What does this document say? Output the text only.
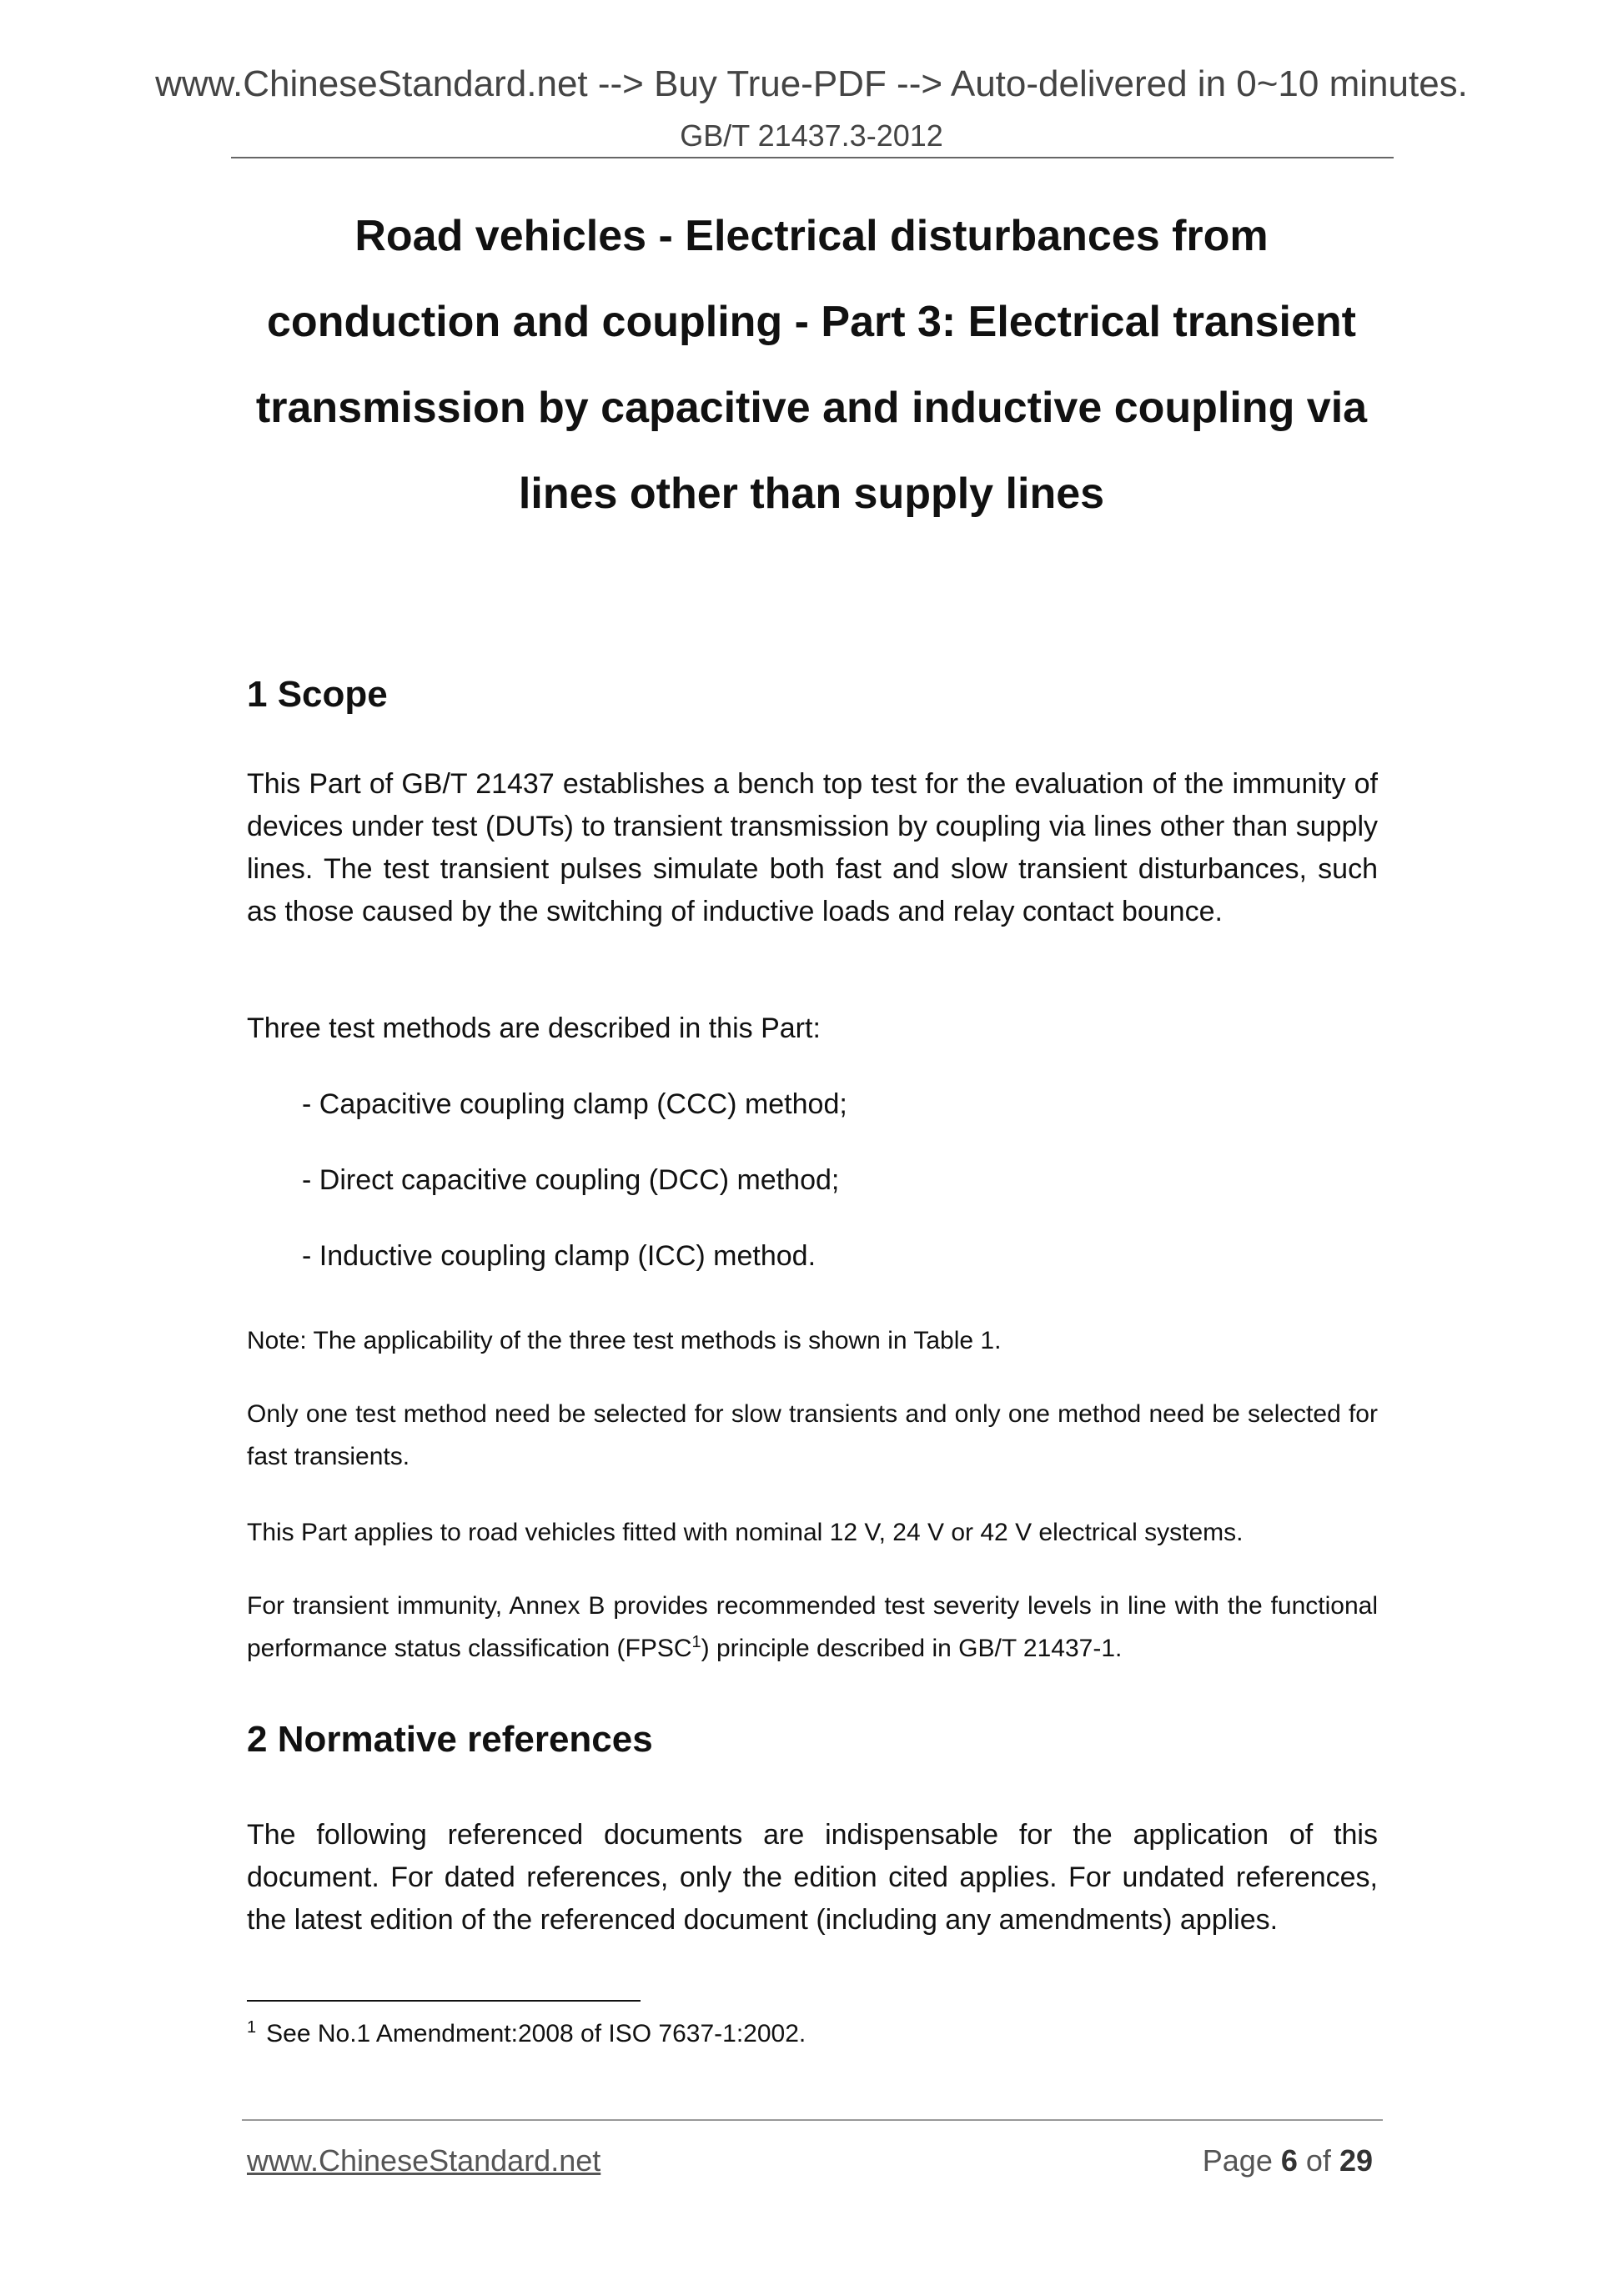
www.ChineseStandard.net --> Buy True-PDF --> Auto-delivered in 0~10 minutes.
GB/T 21437.3-2012
Road vehicles - Electrical disturbances from
conduction and coupling - Part 3: Electrical transient
transmission by capacitive and inductive coupling via
lines other than supply lines
1 Scope
This Part of GB/T 21437 establishes a bench top test for the evaluation of the immunity of devices under test (DUTs) to transient transmission by coupling via lines other than supply lines. The test transient pulses simulate both fast and slow transient disturbances, such as those caused by the switching of inductive loads and relay contact bounce.
Three test methods are described in this Part:
- Capacitive coupling clamp (CCC) method;
- Direct capacitive coupling (DCC) method;
- Inductive coupling clamp (ICC) method.
Note: The applicability of the three test methods is shown in Table 1.
Only one test method need be selected for slow transients and only one method need be selected for fast transients.
This Part applies to road vehicles fitted with nominal 12 V, 24 V or 42 V electrical systems.
For transient immunity, Annex B provides recommended test severity levels in line with the functional performance status classification (FPSC$^1$) principle described in GB/T 21437-1.
2 Normative references
The following referenced documents are indispensable for the application of this document. For dated references, only the edition cited applies. For undated references, the latest edition of the referenced document (including any amendments) applies.
$^1$ See No.1 Amendment:2008 of ISO 7637-1:2002.
www.ChineseStandard.net	Page 6 of 29
